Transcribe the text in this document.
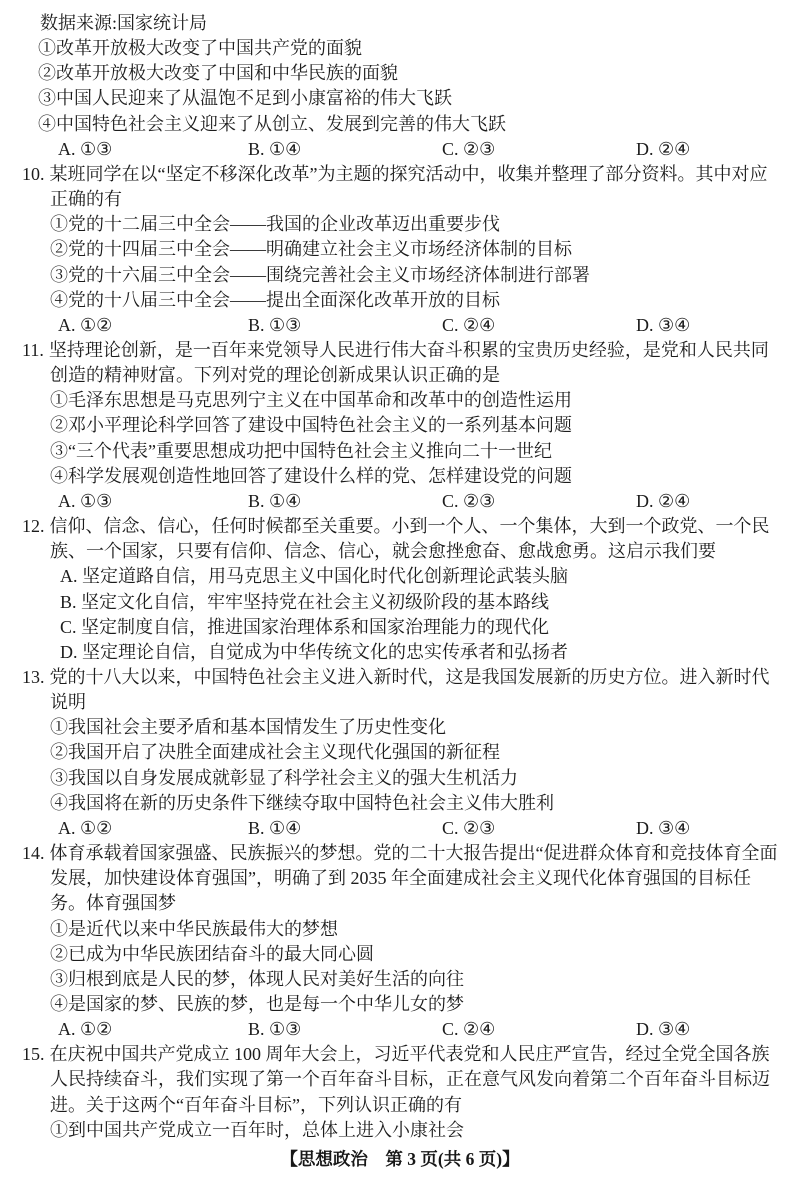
数据来源:国家统计局

①改革开放极大改变了中国共产党的面貌

②改革开放极大改变了中国和中华民族的面貌

③中国人民迎来了从温饱不足到小康富裕的伟大飞跃

④中国特色社会主义迎来了从创立、发展到完善的伟大飞跃

A. ①③	B. ①④	C. ②③	D. ②④

10. 某班同学在以“坚定不移深化改革”为主题的探究活动中，收集并整理了部分资料。其中对应正确的有

①党的十二届三中全会——我国的企业改革迈出重要步伐

②党的十四届三中全会——明确建立社会主义市场经济体制的目标

③党的十六届三中全会——围绕完善社会主义市场经济体制进行部署

④党的十八届三中全会——提出全面深化改革开放的目标

A. ①②	B. ①③	C. ②④	D. ③④

11. 坚持理论创新，是一百年来党领导人民进行伟大奋斗积累的宝贵历史经验，是党和人民共同创造的精神财富。下列对党的理论创新成果认识正确的是

①毛泽东思想是马克思列宁主义在中国革命和改革中的创造性运用

②邓小平理论科学回答了建设中国特色社会主义的一系列基本问题

③“三个代表”重要思想成功把中国特色社会主义推向二十一世纪

④科学发展观创造性地回答了建设什么样的党、怎样建设党的问题

A. ①③	B. ①④	C. ②③	D. ②④

12. 信仰、信念、信心，任何时候都至关重要。小到一个人、一个集体，大到一个政党、一个民族、一个国家，只要有信仰、信念、信心，就会愈挫愈奋、愈战愈勇。这启示我们要

A. 坚定道路自信，用马克思主义中国化时代化创新理论武装头脑

B. 坚定文化自信，牢牢坚持党在社会主义初级阶段的基本路线

C. 坚定制度自信，推进国家治理体系和国家治理能力的现代化

D. 坚定理论自信，自觉成为中华传统文化的忠实传承者和弘扬者

13. 党的十八大以来，中国特色社会主义进入新时代，这是我国发展新的历史方位。进入新时代说明

①我国社会主要矛盾和基本国情发生了历史性变化

②我国开启了决胜全面建成社会主义现代化强国的新征程

③我国以自身发展成就彰显了科学社会主义的强大生机活力

④我国将在新的历史条件下继续夺取中国特色社会主义伟大胜利

A. ①②	B. ①④	C. ②③	D. ③④

14. 体育承载着国家强盛、民族振兴的梦想。党的二十大报告提出“促进群众体育和竞技体育全面发展，加快建设体育强国”，明确了到 2035 年全面建成社会主义现代化体育强国的目标任务。体育强国梦

①是近代以来中华民族最伟大的梦想

②已成为中华民族团结奋斗的最大同心圆

③归根到底是人民的梦，体现人民对美好生活的向往

④是国家的梦、民族的梦，也是每一个中华儿女的梦

A. ①②	B. ①③	C. ②④	D. ③④

15. 在庆祝中国共产党成立 100 周年大会上，习近平代表党和人民庄严宣告，经过全党全国各族人民持续奋斗，我们实现了第一个百年奋斗目标，正在意气风发向着第二个百年奋斗目标迈进。关于这两个“百年奋斗目标”，下列认识正确的有

①到中国共产党成立一百年时，总体上进入小康社会

【思想政治　第 3 页(共 6 页)】
